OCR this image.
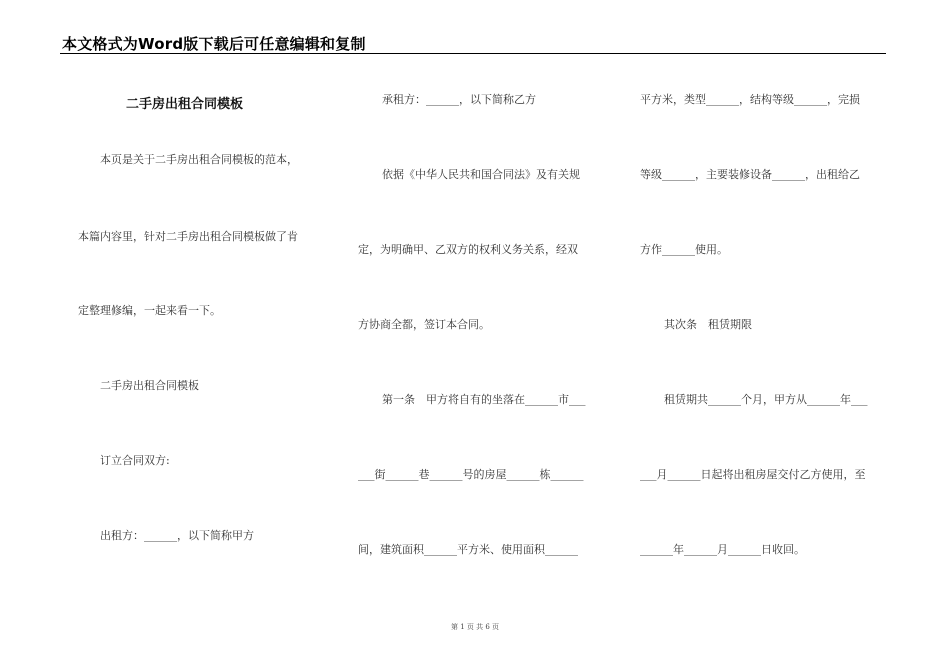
本文格式为Word版下载后可任意编辑和复制
二手房出租合同模板
本页是关于二手房出租合同模板的范本，
本篇内容里，针对二手房出租合同模板做了肯
定整理修编，一起来看一下。
二手房出租合同模板
订立合同双方:
出租方：______，以下简称甲方
承租方：______，以下简称乙方
依据《中华人民共和国合同法》及有关规
定，为明确甲、乙双方的权利义务关系，经双
方协商全都，签订本合同。
第一条　甲方将自有的坐落在______市___
___街______巷______号的房屋______栋______
间，建筑面积______平方米、使用面积______
平方米，类型______，结构等级______，完损
等级______，主要装修设备______，出租给乙
方作______使用。
其次条　租赁期限
租赁期共______个月，甲方从______年___
___月______日起将出租房屋交付乙方使用，至
______年______月______日收回。
第 1 页 共 6 页
